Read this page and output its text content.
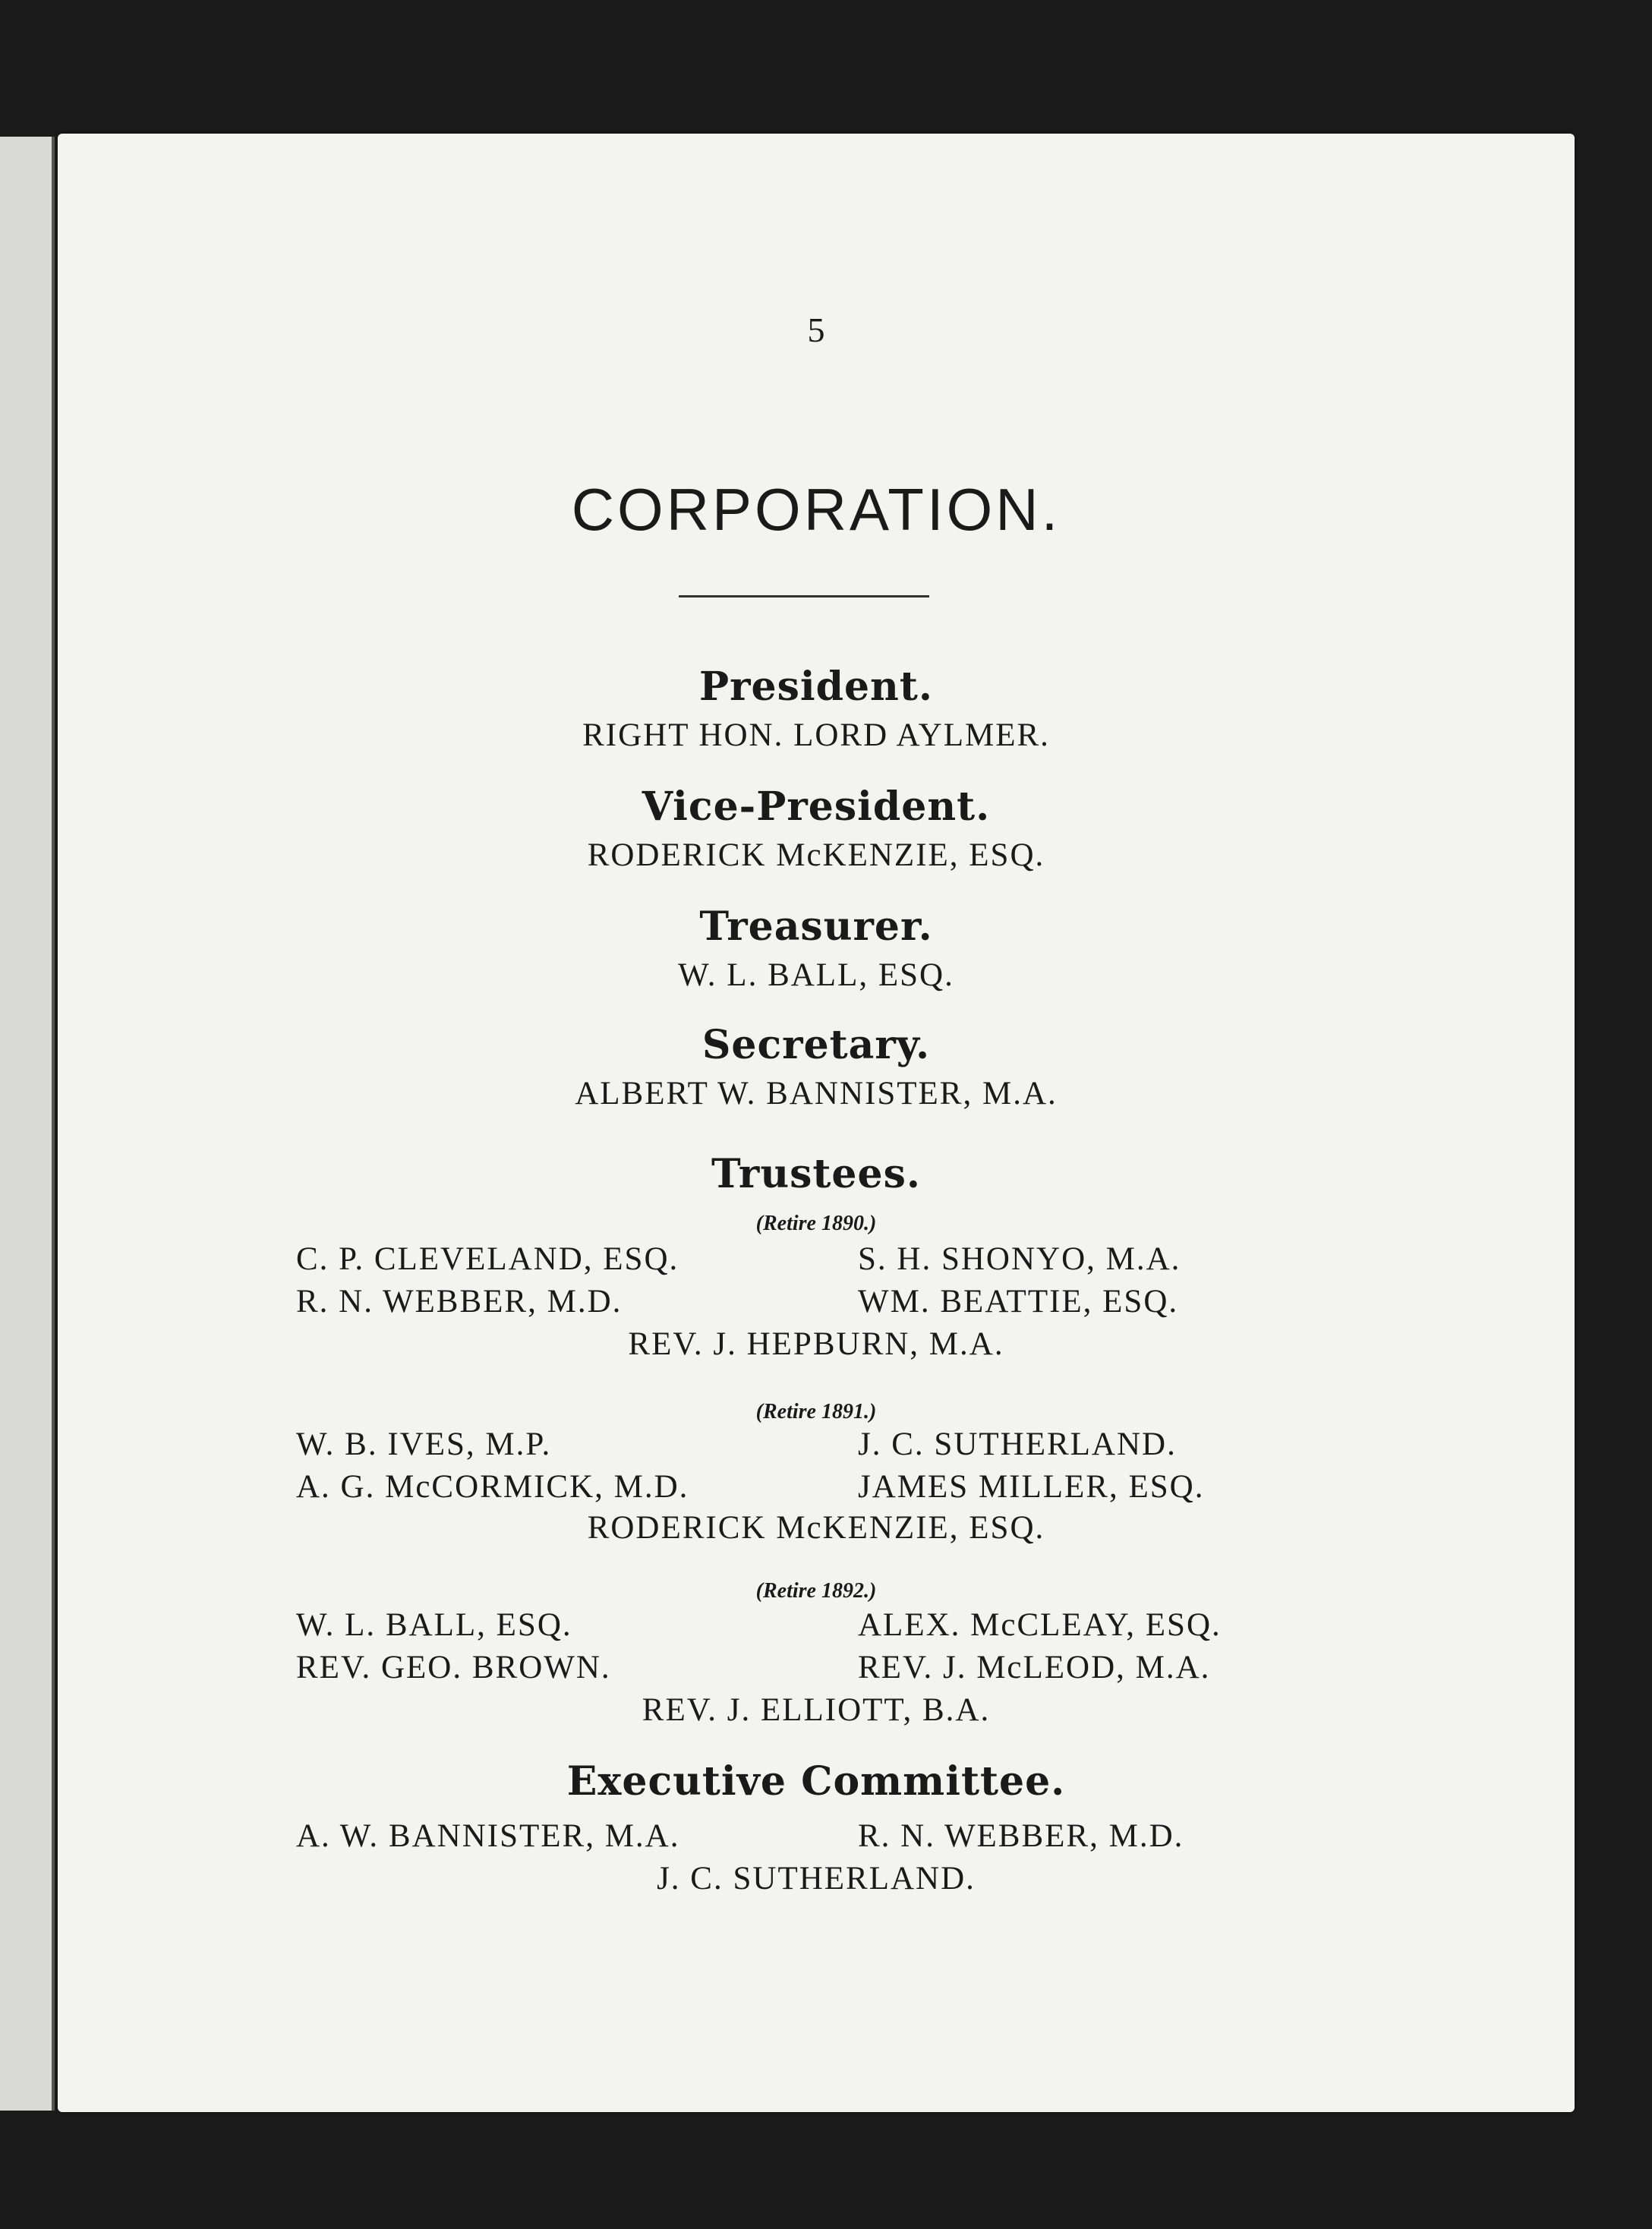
5
CORPORATION.
President.
RIGHT HON. LORD AYLMER.
Vice-President.
RODERICK McKENZIE, ESQ.
Treasurer.
W. L. BALL, ESQ.
Secretary.
ALBERT W. BANNISTER, M.A.
Trustees.
(Retire 1890.)
C. P. CLEVELAND, ESQ.	S. H. SHONYO, M.A.
R. N. WEBBER, M.D.	WM. BEATTIE, ESQ.
REV. J. HEPBURN, M.A.
(Retire 1891.)
W. B. IVES, M.P.	J. C. SUTHERLAND.
A. G. McCORMICK, M.D.	JAMES MILLER, ESQ.
RODERICK McKENZIE, ESQ.
(Retire 1892.)
W. L. BALL, ESQ.	ALEX. McCLEAY, ESQ.
REV. GEO. BROWN.	REV. J. McLEOD, M.A.
REV. J. ELLIOTT, B.A.
Executive Committee.
A. W. BANNISTER, M.A.	R. N. WEBBER, M.D.
J. C. SUTHERLAND.
